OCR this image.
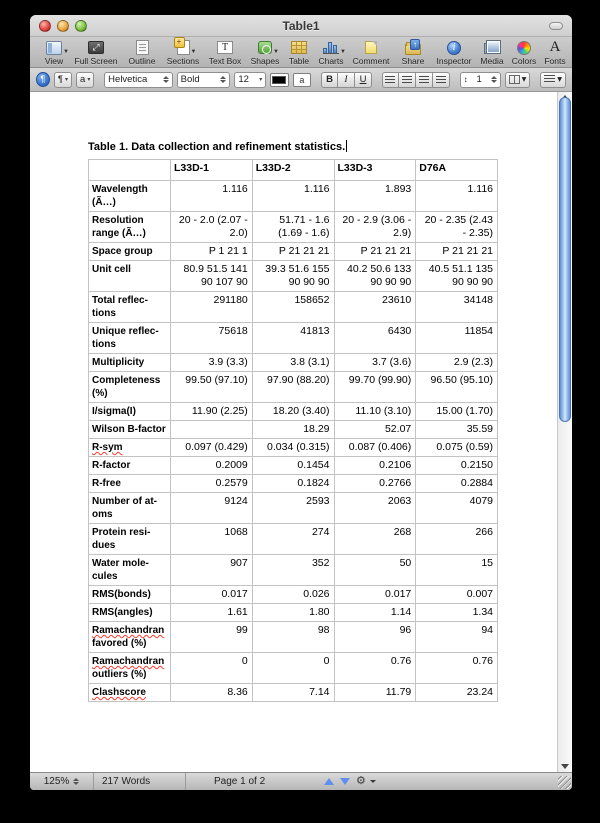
Table1
▼
View
⤢
Full Screen Outline
+
▼
Sections
T
Text Box
▼
Shapes Table
▼
Charts Comment
↑ Share
i
Inspector Media Colors
A
Fonts
¶	¶ ▾ a ▾ Helvetica	Bold	12 ▾	a	B	I	U	↕ 1	▾	▾
Table 1. Data collection and refinement statistics.
	L33D-1	L33D-2	L33D-3	D76A
Wavelength (Ã…)	1.116	1.116	1.893	1.116
Resolution range (Ã…)	20 - 2.0 (2.07 - 2.0)	51.71 - 1.6 (1.69 - 1.6)	20 - 2.9 (3.06 - 2.9)	20 - 2.35 (2.43 - 2.35)
Space group	P 1 21 1	P 21 21 21	P 21 21 21	P 21 21 21
Unit cell	80.9 51.5 141 90 107 90	39.3 51.6 155 90 90 90	40.2 50.6 133 90 90 90	40.5 51.1 135 90 90 90
Total reflec-tions	291180	158652	23610	34148
Unique reflec-tions	75618	41813	6430	11854
Multiplicity	3.9 (3.3)	3.8 (3.1)	3.7 (3.6)	2.9 (2.3)
Completeness (%)	99.50 (97.10)	97.90 (88.20)	99.70 (99.90)	96.50 (95.10)
I/sigma(I)	11.90 (2.25)	18.20 (3.40)	11.10 (3.10)	15.00 (1.70)
Wilson B-factor		18.29	52.07	35.59
R-sym	0.097 (0.429)	0.034 (0.315)	0.087 (0.406)	0.075 (0.59)
R-factor	0.2009	0.1454	0.2106	0.2150
R-free	0.2579	0.1824	0.2766	0.2884
Number of at-oms	9124	2593	2063	4079
Protein resi-dues	1068	274	268	266
Water mole-cules	907	352	50	15
RMS(bonds)	0.017	0.026	0.017	0.007
RMS(angles)	1.61	1.80	1.14	1.34
Ramachandran favored (%)	99	98	96	94
Ramachandran outliers (%)	0	0	0.76	0.76
Clashscore	8.36	7.14	11.79	23.24
125%	217 Words	Page 1 of 2	⚙
